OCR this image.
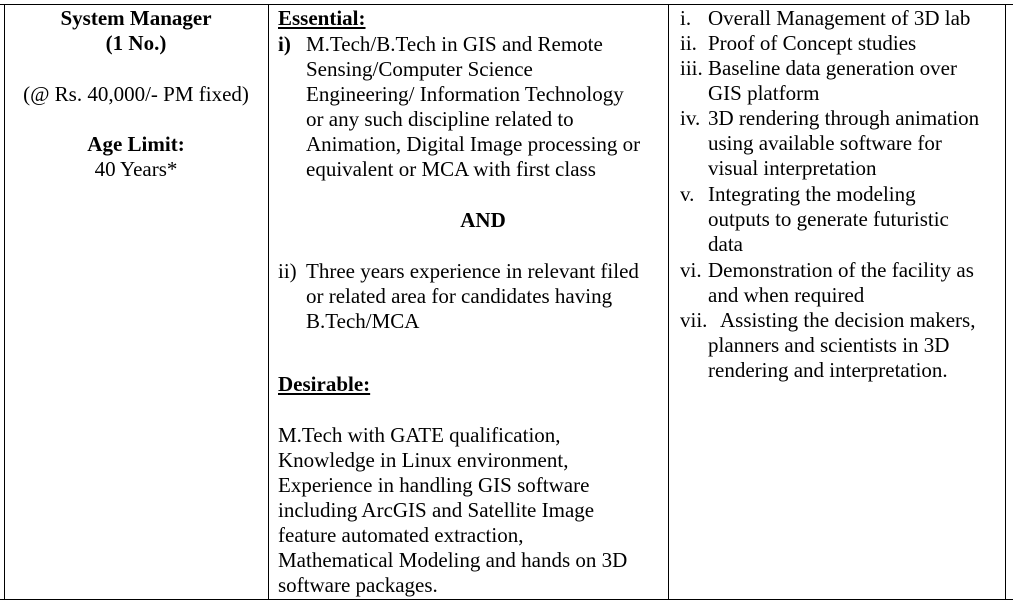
System Manager
(1 No.)
(@ Rs. 40,000/- PM fixed)
Age Limit:
40 Years*
Essential:
i) M.Tech/B.Tech in GIS and Remote
Sensing/Computer Science
Engineering/ Information Technology
or any such discipline related to
Animation, Digital Image processing or
equivalent or MCA with first class
AND
ii) Three years experience in relevant filed
or related area for candidates having
B.Tech/MCA
Desirable:
M.Tech with GATE qualification,
Knowledge in Linux environment,
Experience in handling GIS software
including ArcGIS and Satellite Image
feature automated extraction,
Mathematical Modeling and hands on 3D
software packages.
i. Overall Management of 3D lab
ii. Proof of Concept studies
iii. Baseline data generation over
GIS platform
iv. 3D rendering through animation
using available software for
visual interpretation
v. Integrating the modeling
outputs to generate futuristic
data
vi. Demonstration of the facility as
and when required
vii. Assisting the decision makers,
planners and scientists in 3D
rendering and interpretation.
